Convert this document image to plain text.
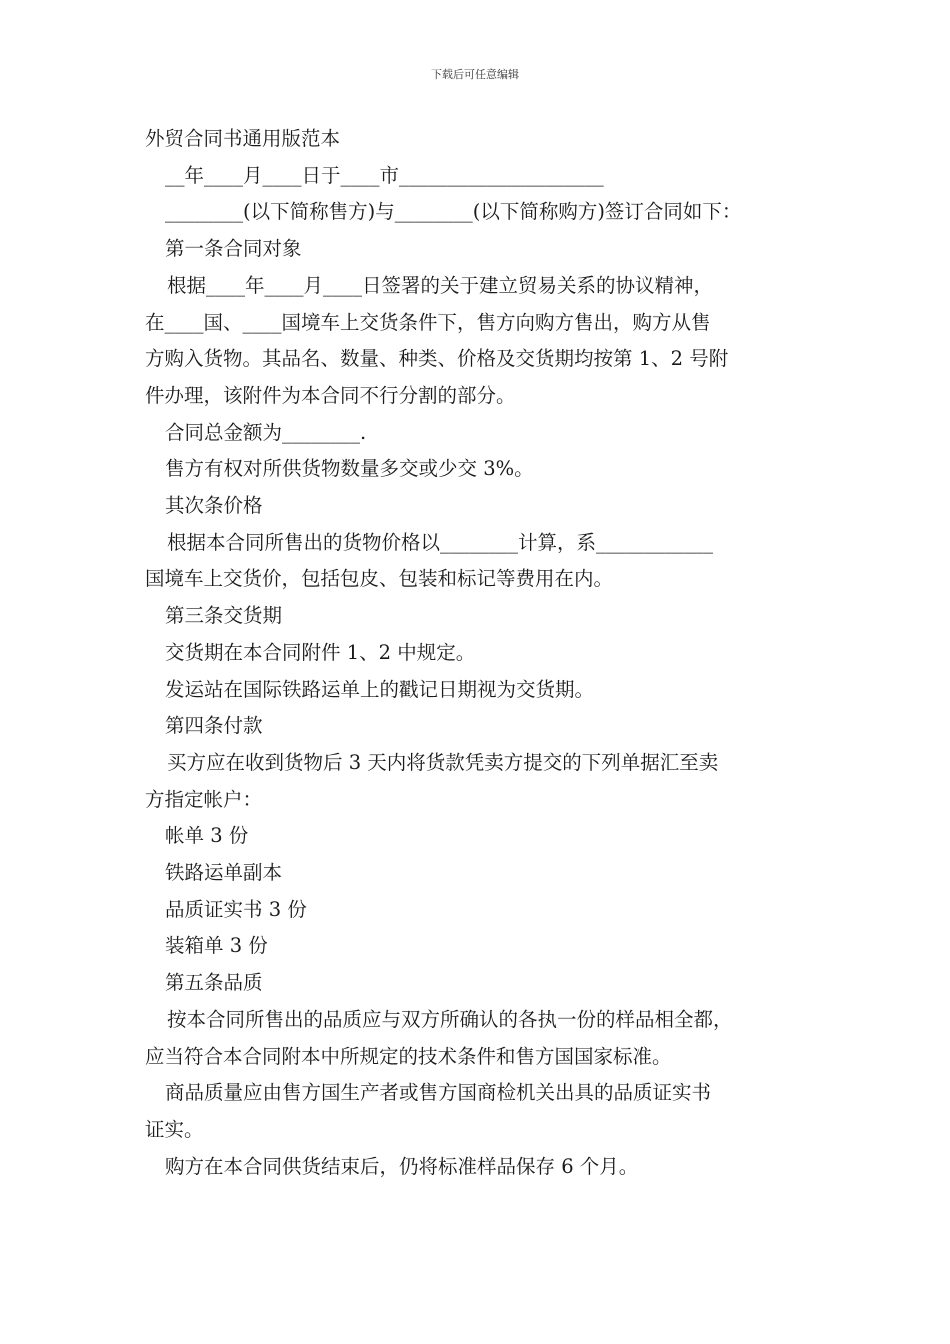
下载后可任意编辑

外贸合同书通用版范本

__年____月____日于____市_____________________

________(以下简称售方)与________(以下简称购方)签订合同如下：

第一条合同对象

根据____年____月____日签署的关于建立贸易关系的协议精神，

在____国、____国境车上交货条件下，售方向购方售出，购方从售

方购入货物。其品名、数量、种类、价格及交货期均按第 1、2 号附

件办理，该附件为本合同不行分割的部分。

合同总金额为________.

售方有权对所供货物数量多交或少交 3%。

其次条价格

根据本合同所售出的货物价格以________计算，系____________

国境车上交货价，包括包皮、包装和标记等费用在内。

第三条交货期

交货期在本合同附件 1、2 中规定。

发运站在国际铁路运单上的戳记日期视为交货期。

第四条付款

买方应在收到货物后 3 天内将货款凭卖方提交的下列单据汇至卖

方指定帐户：

帐单 3 份

铁路运单副本

品质证实书 3 份

装箱单 3 份

第五条品质

按本合同所售出的品质应与双方所确认的各执一份的样品相全都，

应当符合本合同附本中所规定的技术条件和售方国国家标准。

商品质量应由售方国生产者或售方国商检机关出具的品质证实书

证实。

购方在本合同供货结束后，仍将标准样品保存 6 个月。
